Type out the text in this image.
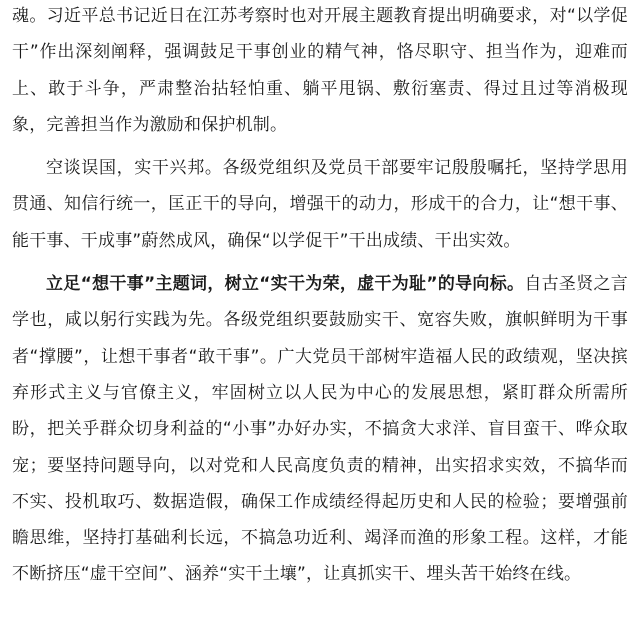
魂。习近平总书记近日在江苏考察时也对开展主题教育提出明确要求，对“以学促干”作出深刻阐释，强调鼓足干事创业的精气神，恪尽职守、担当作为，迎难而上、敢于斗争，严肃整治拈轻怕重、躺平甩锅、敷衍塞责、得过且过等消极现象，完善担当作为激励和保护机制。

空谈误国，实干兴邦。各级党组织及党员干部要牢记殷殷嘱托，坚持学思用贯通、知信行统一，匡正干的导向，增强干的动力，形成干的合力，让“想干事、能干事、干成事”蔚然成风，确保“以学促干”干出成绩、干出实效。

立足“想干事”主题词，树立“实干为荣，虚干为耻”的导向标。自古圣贤之言学也，咸以躬行实践为先。各级党组织要鼓励实干、宽容失败，旗帜鲜明为干事者“撑腰”，让想干事者“敢干事”。广大党员干部树牢造福人民的政绩观，坚决摈弃形式主义与官僚主义，牢固树立以人民为中心的发展思想，紧盯群众所需所盼，把关乎群众切身利益的“小事”办好办实，不搞贪大求洋、盲目蛮干、哗众取宠；要坚持问题导向，以对党和人民高度负责的精神，出实招求实效，不搞华而不实、投机取巧、数据造假，确保工作成绩经得起历史和人民的检验；要增强前瞻思维，坚持打基础利长远，不搞急功近利、竭泽而渔的形象工程。这样，才能不断挤压“虚干空间”、涵养“实干土壤”，让真抓实干、埋头苦干始终在线。
